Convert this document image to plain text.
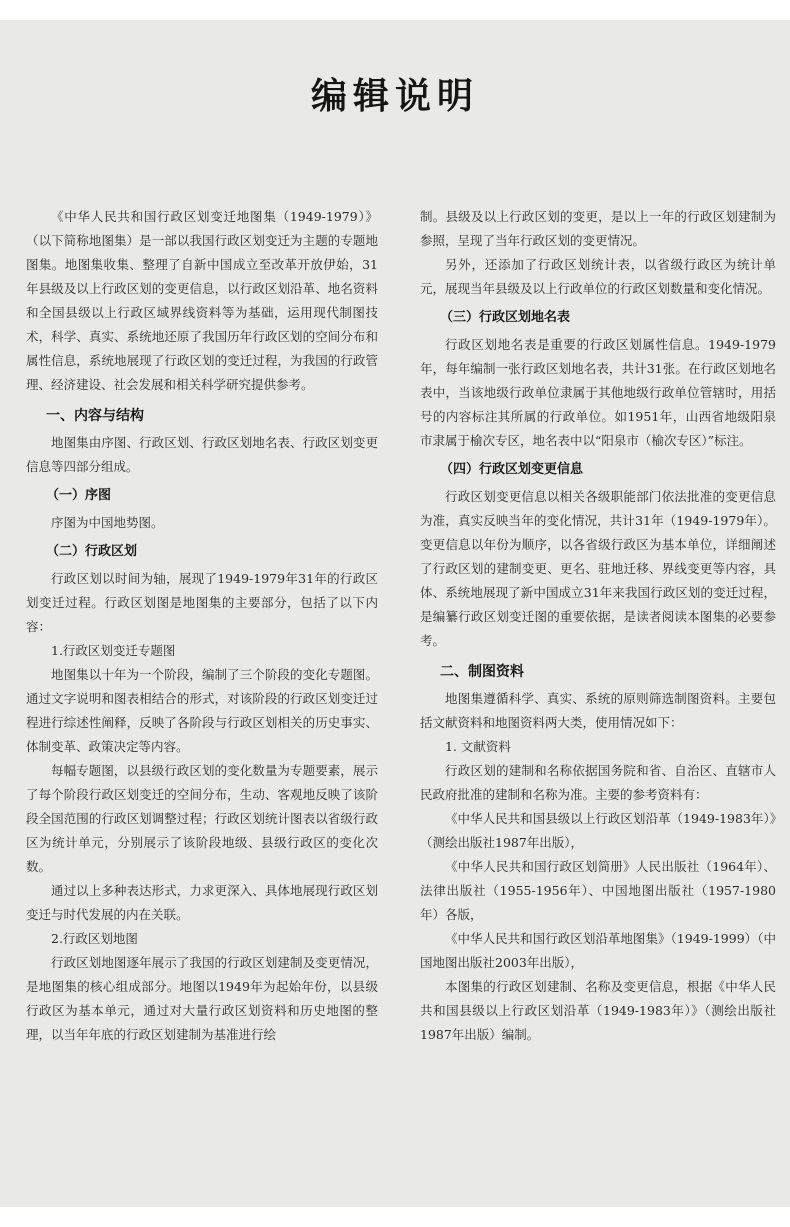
编辑说明

《中华人民共和国行政区划变迁地图集（1949-1979）》（以下简称地图集）是一部以我国行政区划变迁为主题的专题地图集。地图集收集、整理了自新中国成立至改革开放伊始，31年县级及以上行政区划的变更信息，以行政区划沿革、地名资料和全国县级以上行政区域界线资料等为基础，运用现代制图技术，科学、真实、系统地还原了我国历年行政区划的空间分布和属性信息，系统地展现了行政区划的变迁过程，为我国的行政管理、经济建设、社会发展和相关科学研究提供参考。

一、内容与结构

地图集由序图、行政区划、行政区划地名表、行政区划变更信息等四部分组成。

（一）序图

序图为中国地势图。

（二）行政区划

行政区划以时间为轴，展现了1949-1979年31年的行政区划变迁过程。行政区划图是地图集的主要部分，包括了以下内容：

1.行政区划变迁专题图

地图集以十年为一个阶段，编制了三个阶段的变化专题图。通过文字说明和图表相结合的形式，对该阶段的行政区划变迁过程进行综述性阐释，反映了各阶段与行政区划相关的历史事实、体制变革、政策决定等内容。

每幅专题图，以县级行政区划的变化数量为专题要素，展示了每个阶段行政区划变迁的空间分布，生动、客观地反映了该阶段全国范围的行政区划调整过程；行政区划统计图表以省级行政区为统计单元，分别展示了该阶段地级、县级行政区的变化次数。

通过以上多种表达形式，力求更深入、具体地展现行政区划变迁与时代发展的内在关联。

2.行政区划地图

行政区划地图逐年展示了我国的行政区划建制及变更情况，是地图集的核心组成部分。地图以1949年为起始年份，以县级行政区为基本单元，通过对大量行政区划资料和历史地图的整理，以当年年底的行政区划建制为基准进行绘

制。县级及以上行政区划的变更，是以上一年的行政区划建制为参照，呈现了当年行政区划的变更情况。

另外，还添加了行政区划统计表，以省级行政区为统计单元，展现当年县级及以上行政单位的行政区划数量和变化情况。

（三）行政区划地名表

行政区划地名表是重要的行政区划属性信息。1949-1979年，每年编制一张行政区划地名表，共计31张。在行政区划地名表中，当该地级行政单位隶属于其他地级行政单位管辖时，用括号的内容标注其所属的行政单位。如1951年，山西省地级阳泉市隶属于榆次专区，地名表中以“阳泉市（榆次专区）”标注。

（四）行政区划变更信息

行政区划变更信息以相关各级职能部门依法批准的变更信息为准，真实反映当年的变化情况，共计31年（1949-1979年）。变更信息以年份为顺序，以各省级行政区为基本单位，详细阐述了行政区划的建制变更、更名、驻地迁移、界线变更等内容，具体、系统地展现了新中国成立31年来我国行政区划的变迁过程，是编纂行政区划变迁图的重要依据，是读者阅读本图集的必要参考。

二、制图资料

地图集遵循科学、真实、系统的原则筛选制图资料。主要包括文献资料和地图资料两大类，使用情况如下：

1. 文献资料

行政区划的建制和名称依据国务院和省、自治区、直辖市人民政府批准的建制和名称为准。主要的参考资料有：

《中华人民共和国县级以上行政区划沿革（1949-1983年）》（测绘出版社1987年出版），

《中华人民共和国行政区划简册》人民出版社（1964年）、法律出版社（1955-1956年）、中国地图出版社（1957-1980年）各版，

《中华人民共和国行政区划沿革地图集》（1949-1999）（中国地图出版社2003年出版），

本图集的行政区划建制、名称及变更信息，根据《中华人民共和国县级以上行政区划沿革（1949-1983年）》（测绘出版社1987年出版）编制。
